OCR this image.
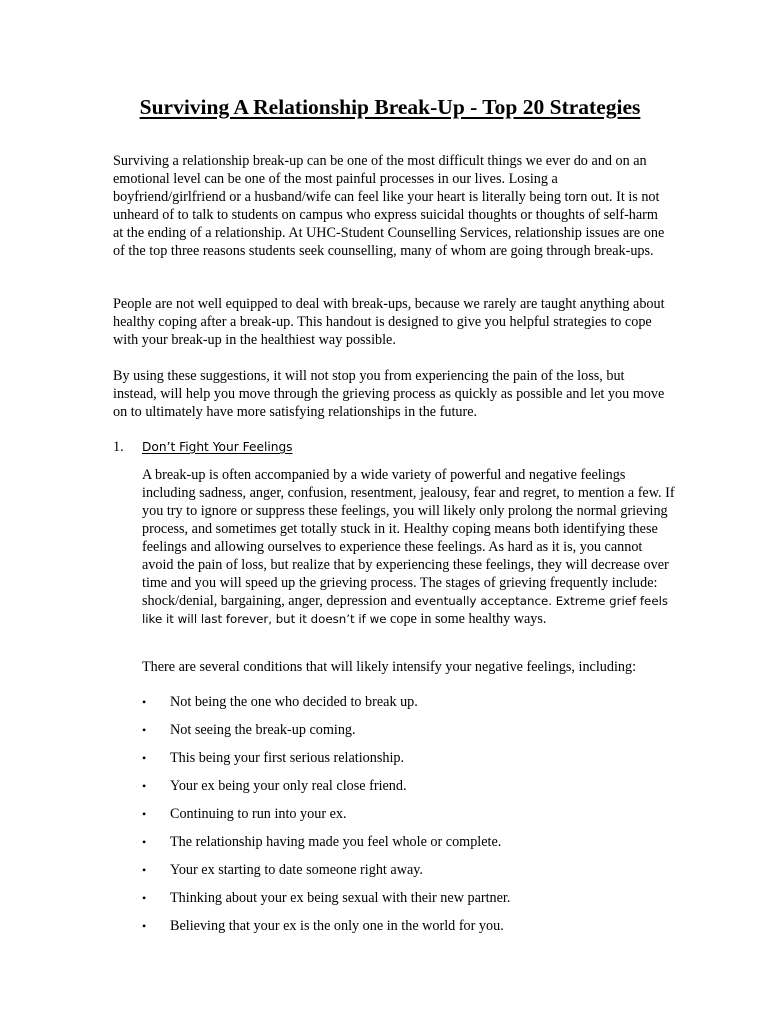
Surviving A Relationship Break-Up - Top 20 Strategies

Surviving a relationship break-up can be one of the most difficult things we ever do and on an emotional level can be one of the most painful processes in our lives. Losing a boyfriend/girlfriend or a husband/wife can feel like your heart is literally being torn out. It is not unheard of to talk to students on campus who express suicidal thoughts or thoughts of self-harm at the ending of a relationship. At UHC-Student Counselling Services, relationship issues are one of the top three reasons students seek counselling, many of whom are going through break-ups.

People are not well equipped to deal with break-ups, because we rarely are taught anything about healthy coping after a break-up. This handout is designed to give you helpful strategies to cope with your break-up in the healthiest way possible.

By using these suggestions, it will not stop you from experiencing the pain of the loss, but instead, will help you move through the grieving process as quickly as possible and let you move on to ultimately have more satisfying relationships in the future.

1. Don’t Fight Your Feelings

A break-up is often accompanied by a wide variety of powerful and negative feelings including sadness, anger, confusion, resentment, jealousy, fear and regret, to mention a few. If you try to ignore or suppress these feelings, you will likely only prolong the normal grieving process, and sometimes get totally stuck in it. Healthy coping means both identifying these feelings and allowing ourselves to experience these feelings. As hard as it is, you cannot avoid the pain of loss, but realize that by experiencing these feelings, they will decrease over time and you will speed up the grieving process. The stages of grieving frequently include: shock/denial, bargaining, anger, depression and eventually acceptance. Extreme grief feels like it will last forever, but it doesn’t if we cope in some healthy ways.

There are several conditions that will likely intensify your negative feelings, including:

•	Not being the one who decided to break up.
•	Not seeing the break-up coming.
•	This being your first serious relationship.
•	Your ex being your only real close friend.
•	Continuing to run into your ex.
•	The relationship having made you feel whole or complete.
•	Your ex starting to date someone right away.
•	Thinking about your ex being sexual with their new partner.
•	Believing that your ex is the only one in the world for you.
